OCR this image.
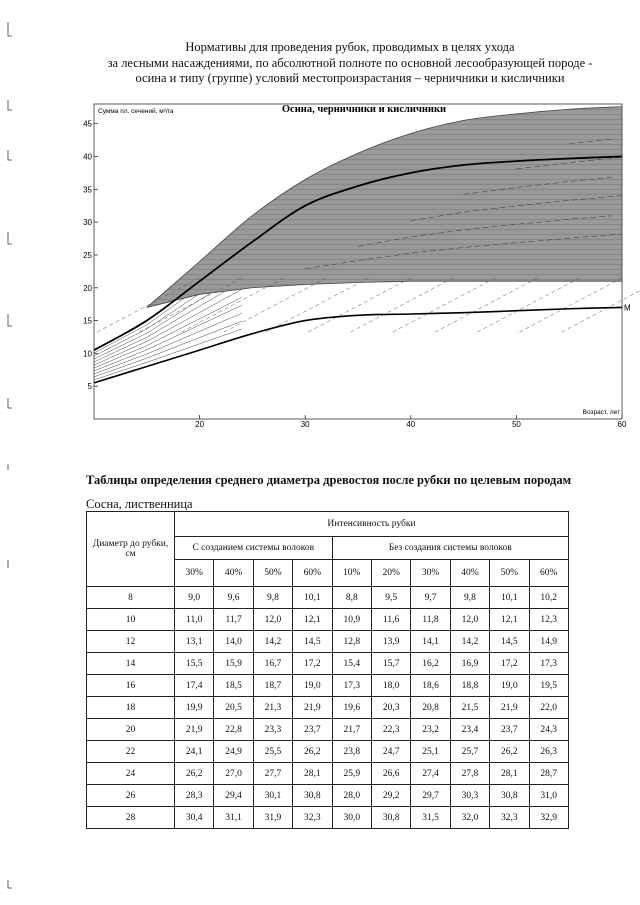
Нормативы для проведения рубок, проводимых в целях ухода
за лесными насаждениями, по абсолютной полноте по основной лесообразующей породе -
осина и типу (группе) условий местопроизрастания – черничники и кисличники
20	30	40	50	60
5
10
15
20
25
30
35
40
45
Осина, черничники и кисличники
Сумма пл. сечений, м²/га
Возраст, лет
М
Таблицы определения среднего диаметра древостоя после рубки по целевым породам
Сосна, лиственница
Диаметр до рубки, см	Интенсивность рубки									
	С созданием системы волоков				Без создания системы волоков					
	30%	40%	50%	60%	10%	20%	30%	40%	50%	60%
8	9,0	9,6	9,8	10,1	8,8	9,5	9,7	9,8	10,1	10,2
10	11,0	11,7	12,0	12,1	10,9	11,6	11,8	12,0	12,1	12,3
12	13,1	14,0	14,2	14,5	12,8	13,9	14,1	14,2	14,5	14,9
14	15,5	15,9	16,7	17,2	15,4	15,7	16,2	16,9	17,2	17,3
16	17,4	18,5	18,7	19,0	17,3	18,0	18,6	18,8	19,0	19,5
18	19,9	20,5	21,3	21,9	19,6	20,3	20,8	21,5	21,9	22,0
20	21,9	22,8	23,3	23,7	21,7	22,3	23,2	23,4	23,7	24,3
22	24,1	24,9	25,5	26,2	23,8	24,7	25,1	25,7	26,2	26,3
24	26,2	27,0	27,7	28,1	25,9	26,6	27,4	27,8	28,1	28,7
26	28,3	29,4	30,1	30,8	28,0	29,2	29,7	30,3	30,8	31,0
28	30,4	31,1	31,9	32,3	30,0	30,8	31,5	32,0	32,3	32,9
